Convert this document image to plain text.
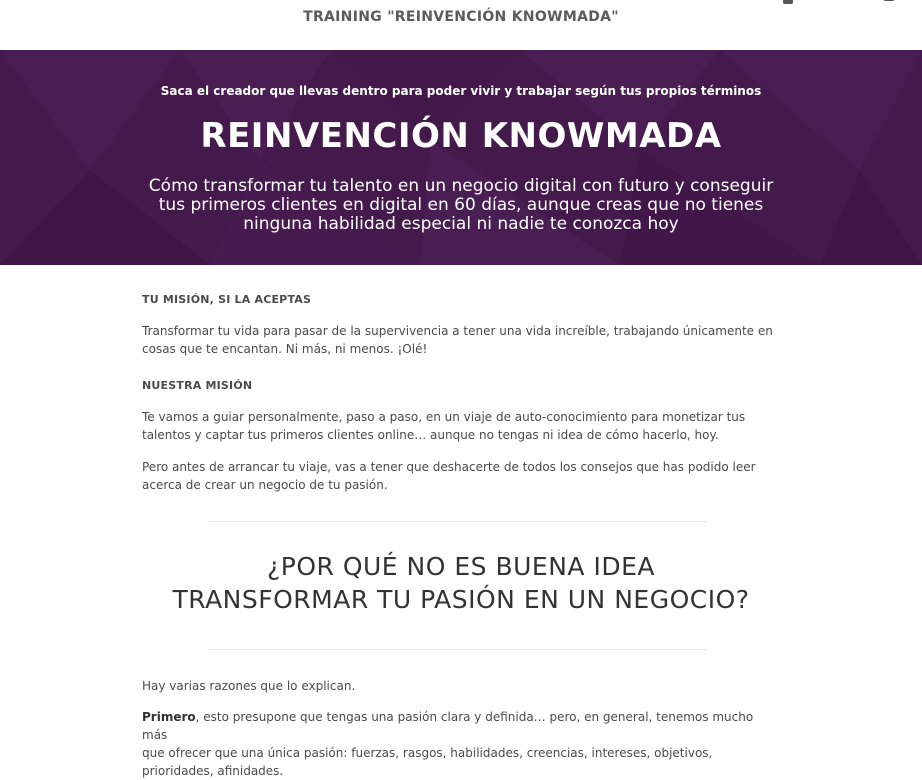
TRAINING "REINVENCIÓN KNOWMADA"
Saca el creador que llevas dentro para poder vivir y trabajar según tus propios términos
REINVENCIÓN KNOWMADA
Cómo transformar tu talento en un negocio digital con futuro y conseguir
tus primeros clientes en digital en 60 días, aunque creas que no tienes
ninguna habilidad especial ni nadie te conozca hoy
TU MISIÓN, SI LA ACEPTAS
Transformar tu vida para pasar de la supervivencia a tener una vida increíble, trabajando únicamente en
cosas que te encantan. Ni más, ni menos. ¡Olé!
NUESTRA MISIÓN
Te vamos a guiar personalmente, paso a paso, en un viaje de auto-conocimiento para monetizar tus
talentos y captar tus primeros clientes online… aunque no tengas ni idea de cómo hacerlo, hoy.
Pero antes de arrancar tu viaje, vas a tener que deshacerte de todos los consejos que has podido leer
acerca de crear un negocio de tu pasión.
Hay varias razones que lo explican.
Primero, esto presupone que tengas una pasión clara y definida… pero, en general, tenemos mucho más
que ofrecer que una única pasión: fuerzas, rasgos, habilidades, creencias, intereses, objetivos,
prioridades, afinidades.
¿POR QUÉ NO ES BUENA IDEA
TRANSFORMAR TU PASIÓN EN UN NEGOCIO?
